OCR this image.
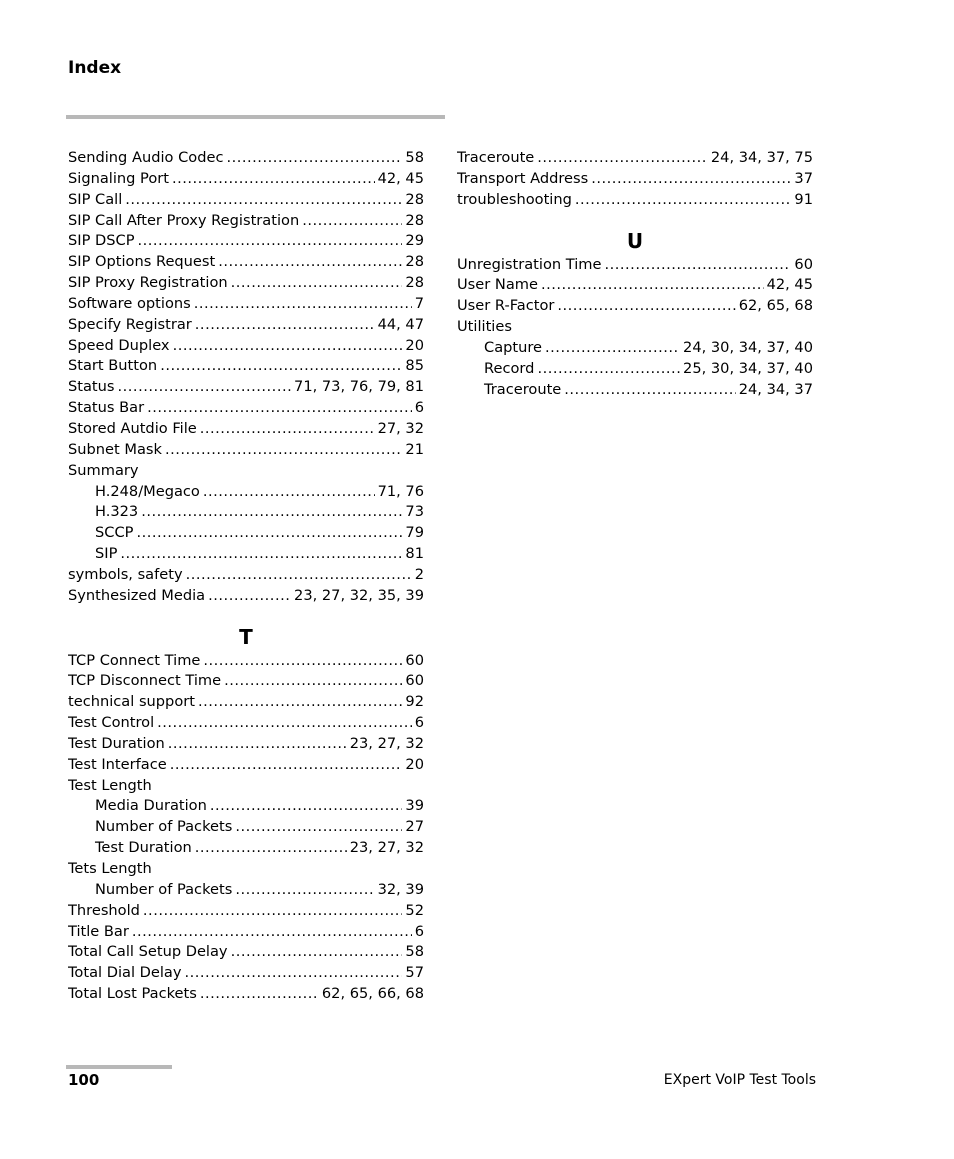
Index
Sending Audio Codec .....	58
Signaling Port .....	42, 45
SIP Call .....	28
SIP Call After Proxy Registration .....	28
SIP DSCP .....	29
SIP Options Request .....	28
SIP Proxy Registration .....	28
Software options .....	7
Specify Registrar .....	44, 47
Speed Duplex .....	20
Start Button .....	85
Status .....	71, 73, 76, 79, 81
Status Bar .....	6
Stored Autdio File .....	27, 32
Subnet Mask .....	21
Summary
H.248/Megaco .....	71, 76
H.323 .....	73
SCCP .....	79
SIP .....	81
symbols, safety .....	2
Synthesized Media .....	23, 27, 32, 35, 39
T
TCP Connect Time .....	60
TCP Disconnect Time .....	60
technical support .....	92
Test Control .....	6
Test Duration .....	23, 27, 32
Test Interface .....	20
Test Length
Media Duration .....	39
Number of Packets .....	27
Test Duration .....	23, 27, 32
Tets Length
Number of Packets .....	32, 39
Threshold .....	52
Title Bar .....	6
Total Call Setup Delay .....	58
Total Dial Delay .....	57
Total Lost Packets .....	62, 65, 66, 68
Traceroute .....	24, 34, 37, 75
Transport Address .....	37
troubleshooting .....	91
U
Unregistration Time .....	60
User Name .....	42, 45
User R-Factor .....	62, 65, 68
Utilities
Capture .....	24, 30, 34, 37, 40
Record .....	25, 30, 34, 37, 40
Traceroute .....	24, 34, 37
100	EXpert VoIP Test Tools
